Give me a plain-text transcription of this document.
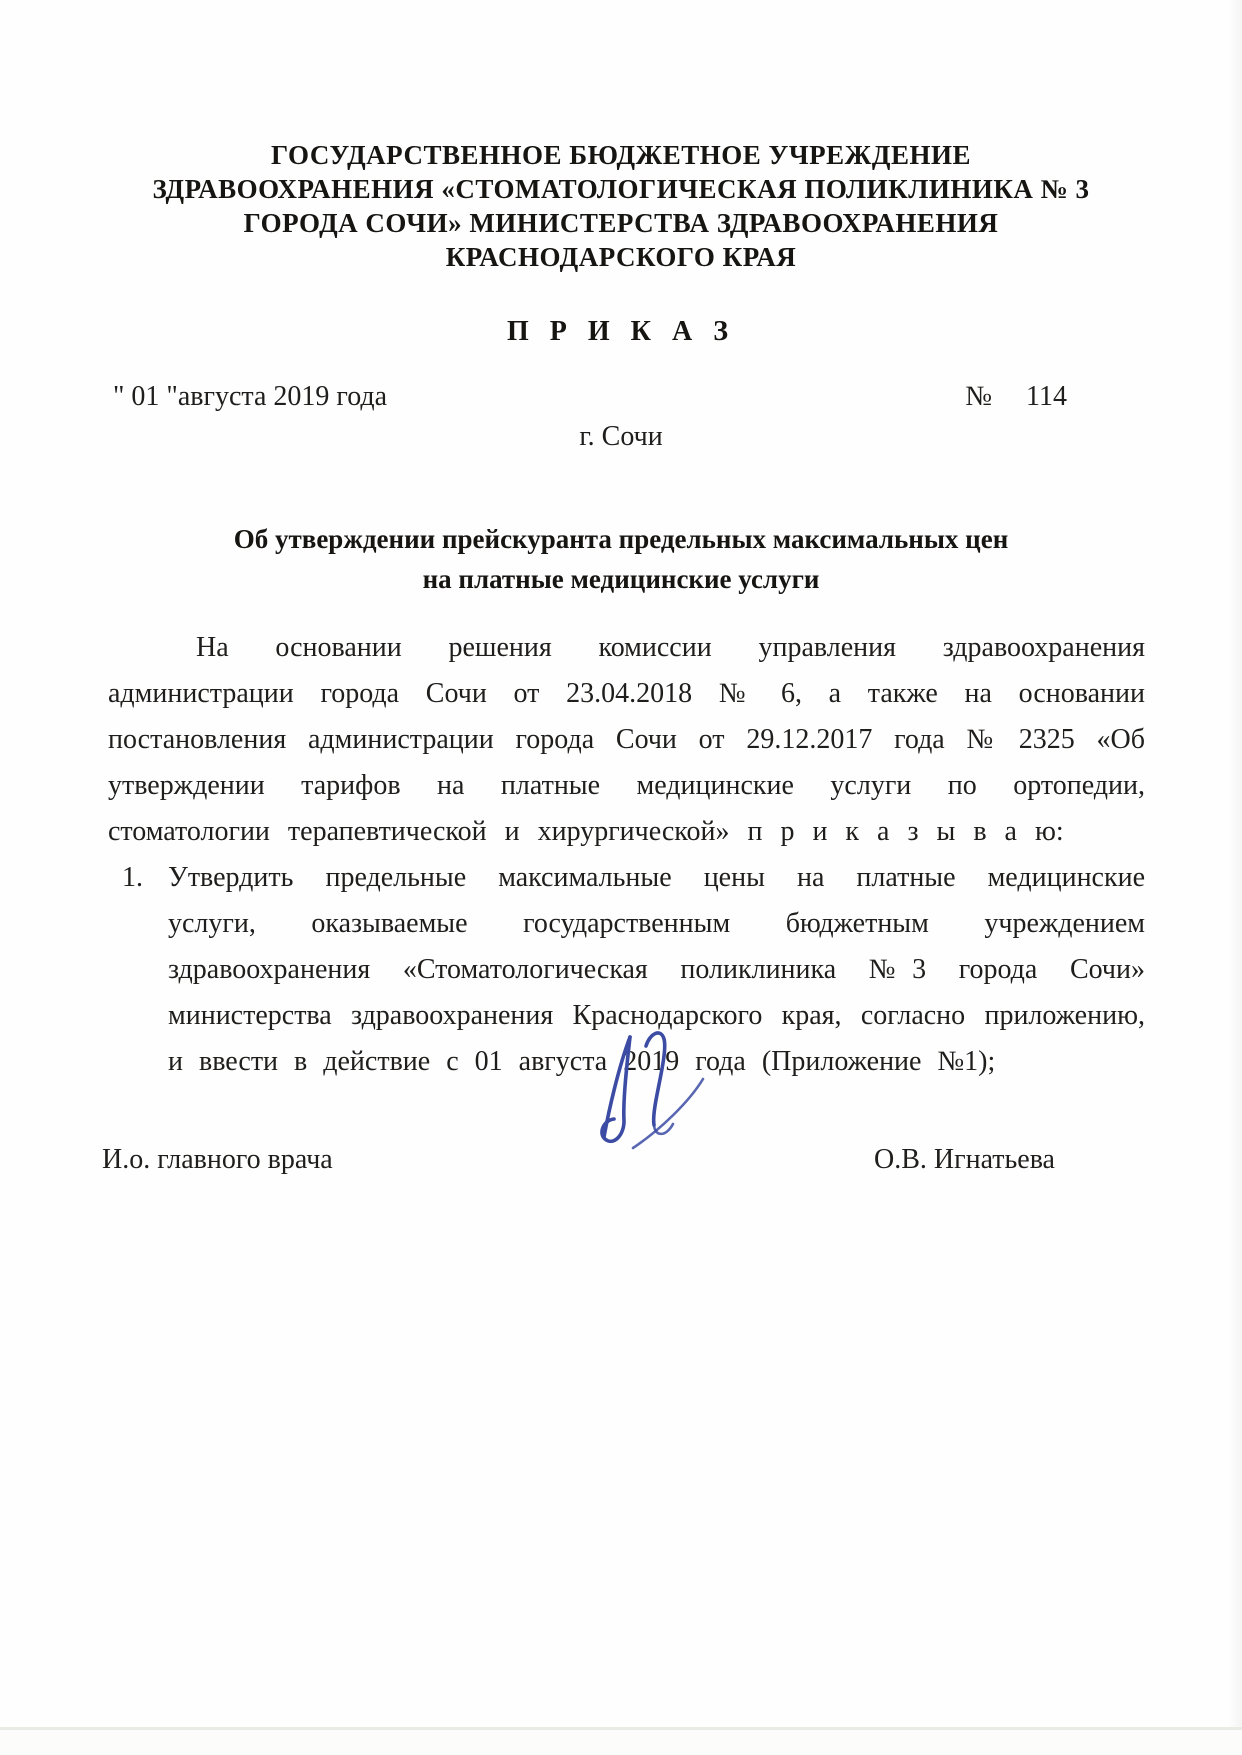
ГОСУДАРСТВЕННОЕ БЮДЖЕТНОЕ УЧРЕЖДЕНИЕ
ЗДРАВООХРАНЕНИЯ «СТОМАТОЛОГИЧЕСКАЯ ПОЛИКЛИНИКА № 3
ГОРОДА СОЧИ» МИНИСТЕРСТВА ЗДРАВООХРАНЕНИЯ
КРАСНОДАРСКОГО КРАЯ
П Р И К А З
" 01 "августа 2019 года	№ 114
г. Сочи
Об утверждении прейскуранта предельных максимальных цен
на платные медицинские услуги

На основании решения комиссии управления здравоохранения администрации города Сочи от 23.04.2018 № 6, а также на основании постановления администрации города Сочи от 29.12.2017 года № 2325 «Об утверждении тарифов на платные медицинские услуги по ортопедии, стоматологии терапевтической и хирургической» п р и к а з ы в а ю:

1. Утвердить предельные максимальные цены на платные медицинские услуги, оказываемые государственным бюджетным учреждением здравоохранения «Стоматологическая поликлиника №3 города Сочи» министерства здравоохранения Краснодарского края, согласно приложению, и ввести в действие с 01 августа 2019 года (Приложение №1);
И.о. главного врача	О.В. Игнатьева
